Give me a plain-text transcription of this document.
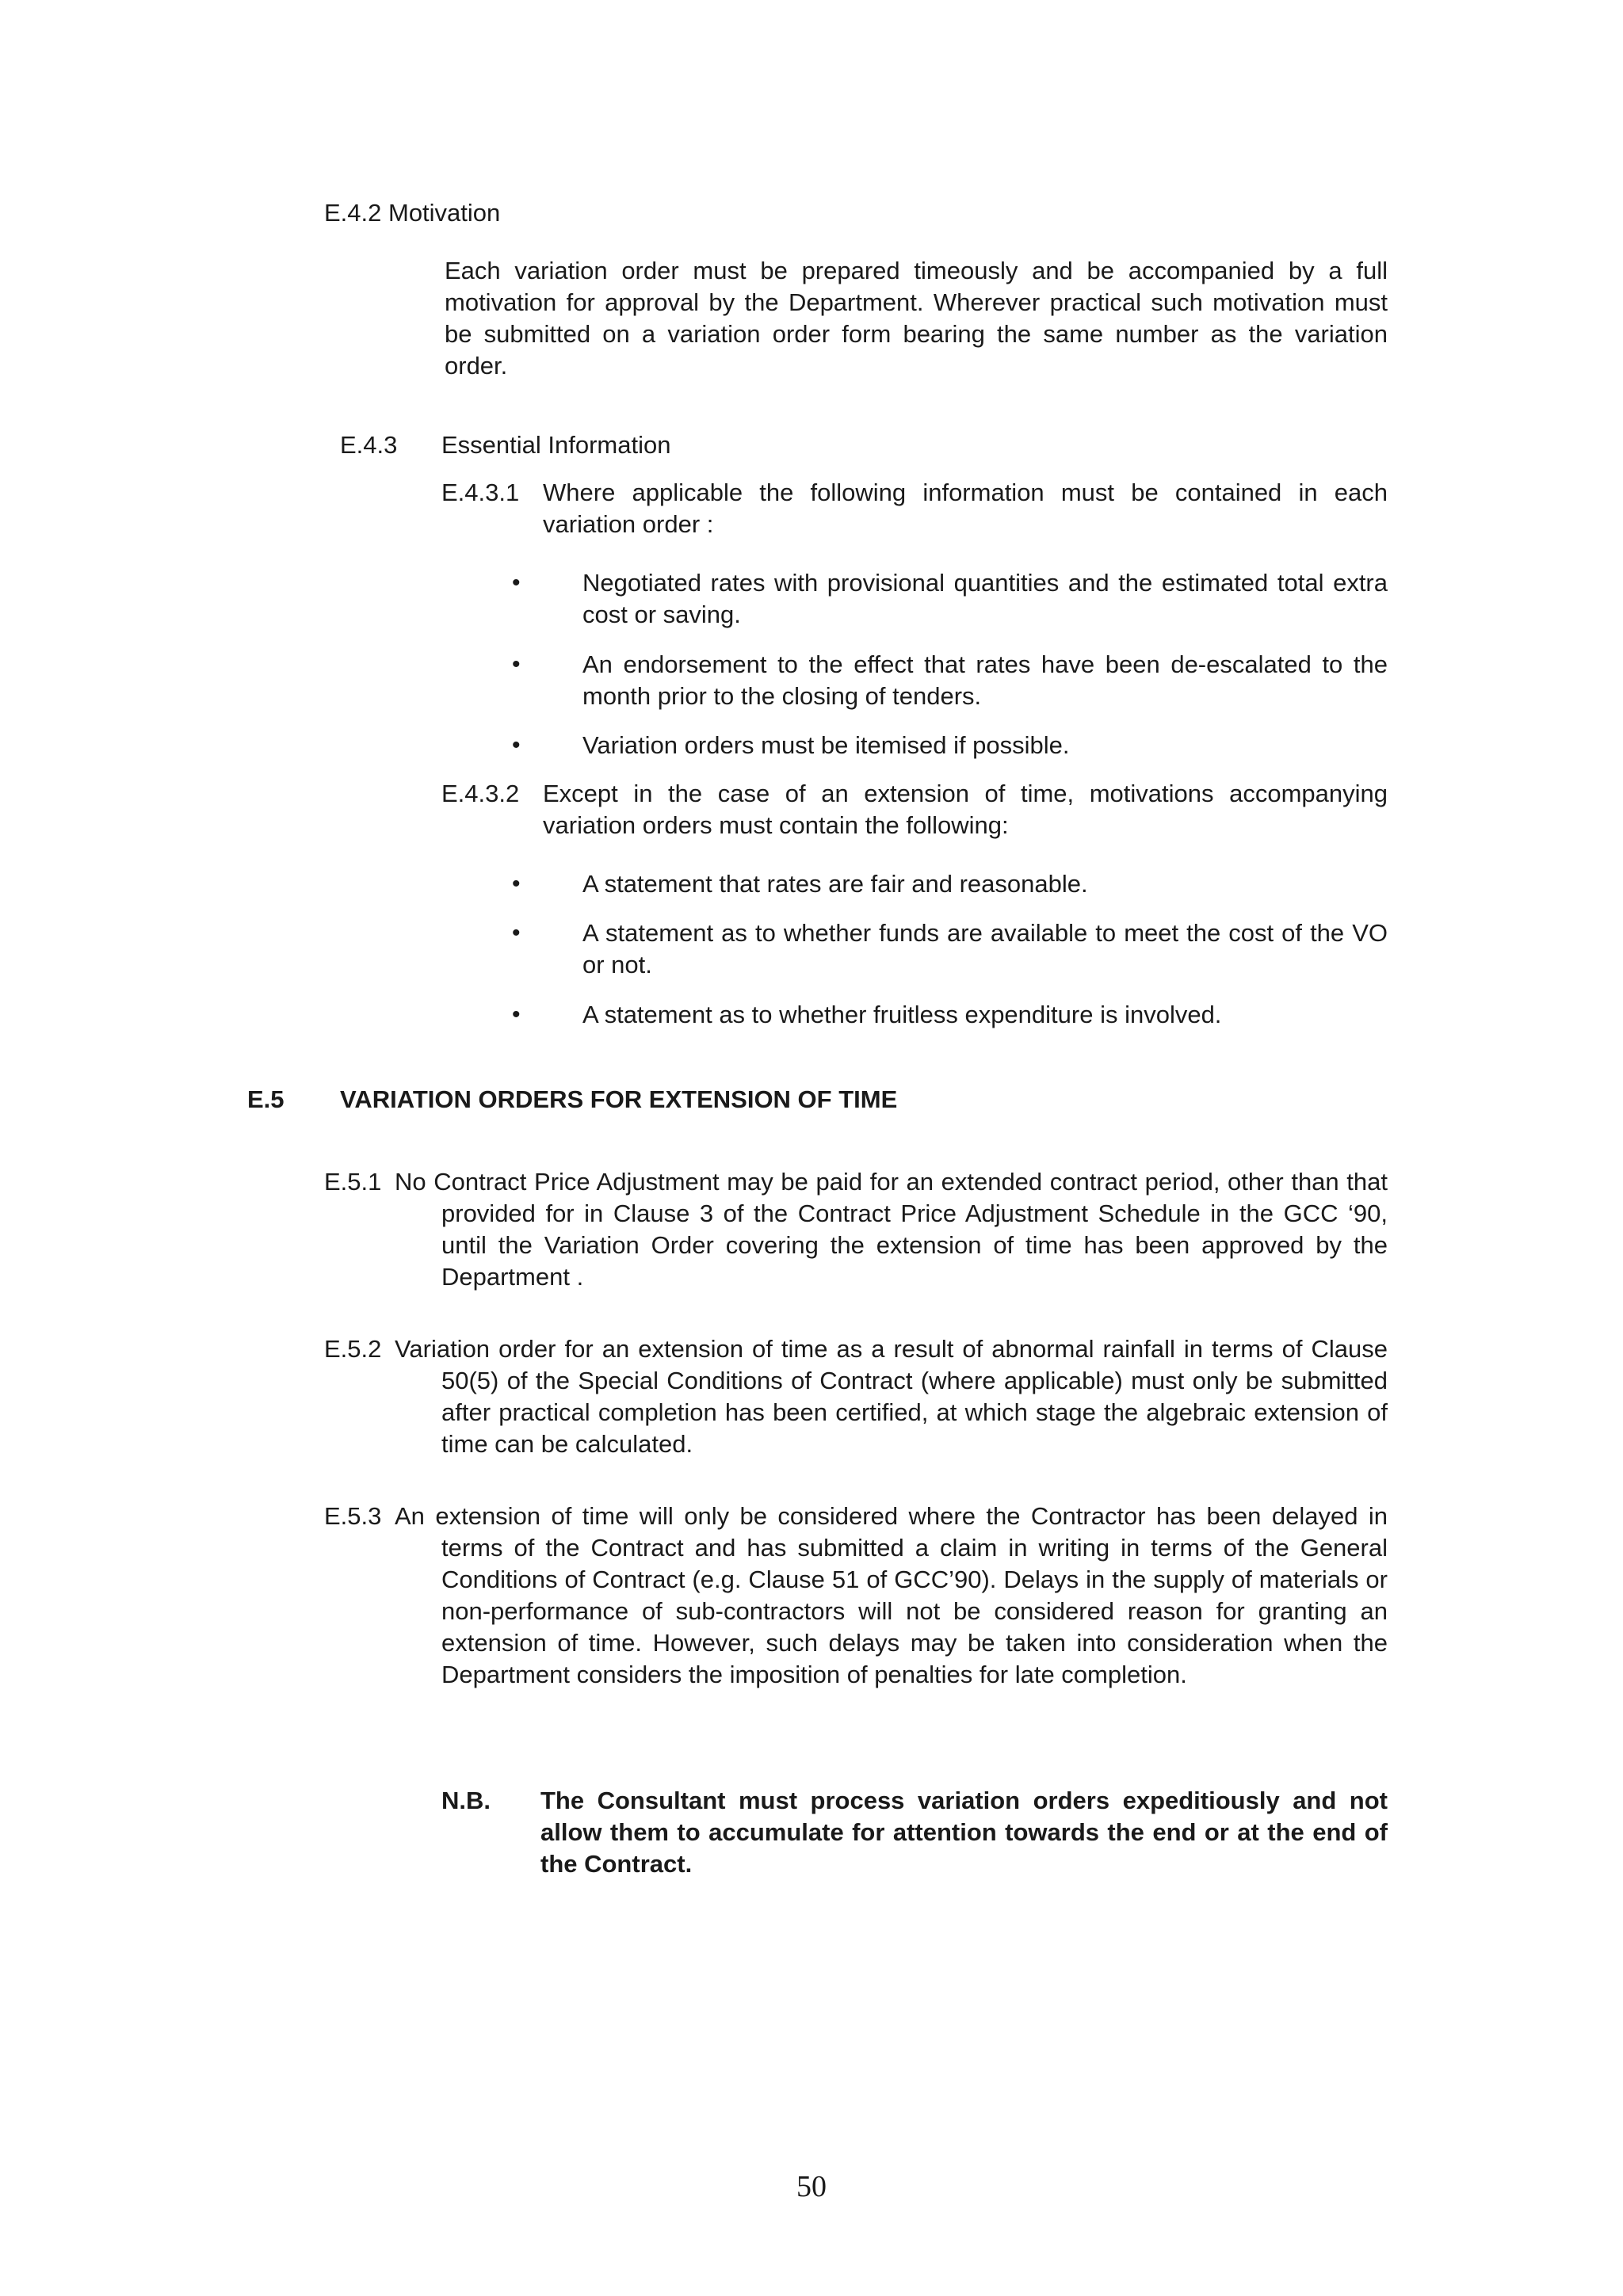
E.4.2 Motivation
Each variation order must be prepared timeously and be accompanied by a full motivation for approval by the Department. Wherever practical such motivation must be submitted on a variation order form bearing the same number as the variation order.
E.4.3 Essential Information
E.4.3.1 Where applicable the following information must be contained in each variation order :
•	Negotiated rates with provisional quantities and the estimated total extra cost or saving.
•	An endorsement to the effect that rates have been de-escalated to the month prior to the closing of tenders.
•	Variation orders must be itemised if possible.
E.4.3.2 Except in the case of an extension of time, motivations accompanying variation orders must contain the following:
•	A statement that rates are fair and reasonable.
•	A statement as to whether funds are available to meet the cost of the VO or not.
•	A statement as to whether fruitless expenditure is involved.
E.5 VARIATION ORDERS FOR EXTENSION OF TIME
E.5.1 No Contract Price Adjustment may be paid for an extended contract period, other than that provided for in Clause 3 of the Contract Price Adjustment Schedule in the GCC ‘90, until the Variation Order covering the extension of time has been approved by the Department .
E.5.2 Variation order for an extension of time as a result of abnormal rainfall in terms of Clause 50(5) of the Special Conditions of Contract (where applicable) must only be submitted after practical completion has been certified, at which stage the algebraic extension of time can be calculated.
E.5.3 An extension of time will only be considered where the Contractor has been delayed in terms of the Contract and has submitted a claim in writing in terms of the General Conditions of Contract (e.g. Clause 51 of GCC’90). Delays in the supply of materials or non-performance of sub-contractors will not be considered reason for granting an extension of time. However, such delays may be taken into consideration when the Department considers the imposition of penalties for late completion.
N.B. The Consultant must process variation orders expeditiously and not allow them to accumulate for attention towards the end or at the end of the Contract.
50
